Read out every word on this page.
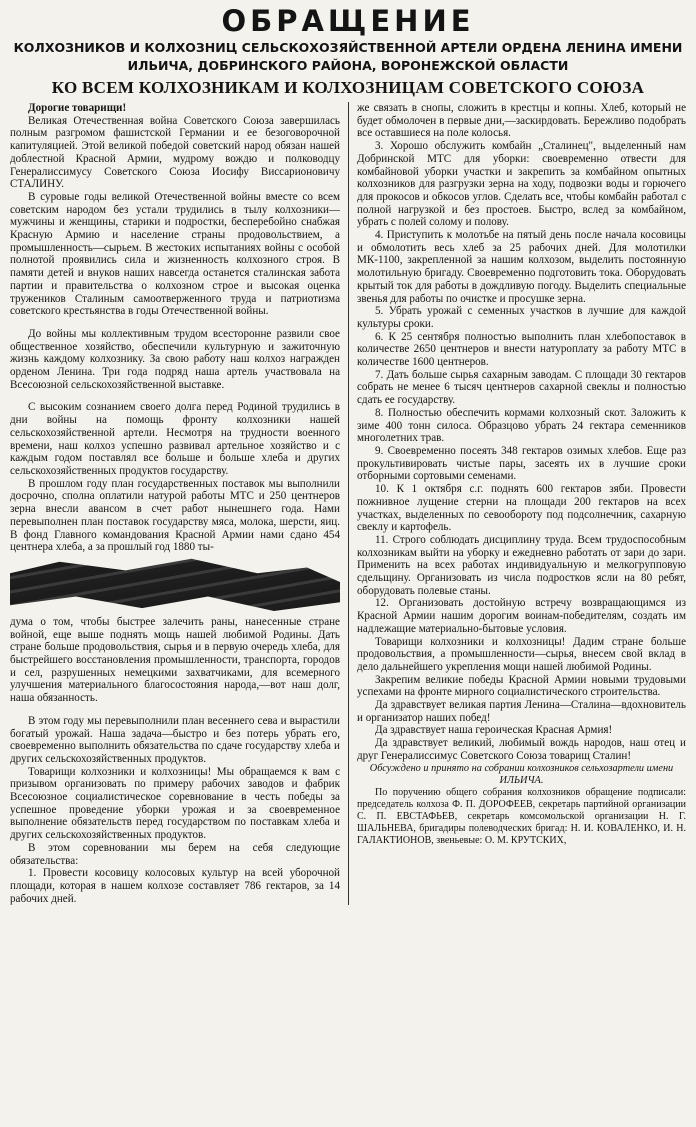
ОБРАЩЕНИЕ
КОЛХОЗНИКОВ И КОЛХОЗНИЦ СЕЛЬСКОХОЗЯЙСТВЕННОЙ АРТЕЛИ ОРДЕНА ЛЕНИНА ИМЕНИ
ИЛЬИЧА, ДОБРИНСКОГО РАЙОНА, ВОРОНЕЖСКОЙ ОБЛАСТИ
КО ВСЕМ КОЛХОЗНИКАМ И КОЛХОЗНИЦАМ СОВЕТСКОГО СОЮЗА

Дорогие товарищи!

Великая Отечественная война Советского Союза завершилась полным разгромом фашистской Германии и ее безоговорочной капитуляцией. Этой великой победой советский народ обязан нашей доблестной Красной Армии, мудрому вождю и полководцу Генералиссимусу Советского Союза Иосифу Виссарионовичу СТАЛИНУ.

В суровые годы великой Отечественной войны вместе со всем советским народом без устали трудились в тылу колхозники—мужчины и женщины, старики и подростки, бесперебойно снабжая Красную Армию и население страны продовольствием, а промышленность—сырьем. В жестоких испытаниях войны с особой полнотой проявились сила и жизненность колхозного строя. В памяти детей и внуков наших навсегда останется сталинская забота партии и правительства о колхозном строе и высокая оценка тружеников Сталиным самоотверженного труда и патриотизма советского крестьянства в годы Отечественной войны.

До войны мы коллективным трудом всесторонне развили свое общественное хозяйство, обеспечили культурную и зажиточную жизнь каждому колхознику. За свою работу наш колхоз награжден орденом Ленина. Три года подряд наша артель участвовала на Всесоюзной сельскохозяйственной выставке.

С высоким сознанием своего долга перед Родиной трудились в дни войны на помощь фронту колхозники нашей сельскохозяйственной артели. Несмотря на трудности военного времени, наш колхоз успешно развивал артельное хозяйство и с каждым годом поставлял все больше и больше хлеба и других сельскохозяйственных продуктов государству.

В прошлом году план государственных поставок мы выполнили досрочно, сполна оплатили натурой работы МТС и 250 центнеров зерна внесли авансом в счет работ нынешнего года. Нами перевыполнен план поставок государству мяса, молока, шерсти, яиц. В фонд Главного командования Красной Армии нами сдано 454 центнера хлеба, а за прошлый год 1880 ты-

дума о том, чтобы быстрее залечить раны, нанесенные стране войной, еще выше поднять мощь нашей любимой Родины. Дать стране больше продовольствия, сырья и в первую очередь хлеба, для быстрейшего восстановления промышленности, транспорта, городов и сел, разрушенных немецкими захватчиками, для всемерного улучшения материального благосостояния народа,—вот наш долг, наша обязанность.

В этом году мы перевыполнили план весеннего сева и вырастили богатый урожай. Наша задача—быстро и без потерь убрать его, своевременно выполнить обязательства по сдаче государству хлеба и других сельскохозяйственных продуктов.

Товарищи колхозники и колхозницы! Мы обращаемся к вам с призывом организовать по примеру рабочих заводов и фабрик Всесоюзное социалистическое соревнование в честь победы за успешное проведение уборки урожая и за своевременное выполнение обязательств перед государством по поставкам хлеба и других сельскохозяйственных продуктов.

В этом соревновании мы берем на себя следующие обязательства:

1. Провести косовицу колосовых культур на всей уборочной площади, которая в нашем колхозе составляет 786 гектаров, за 14 рабочих дней.

же связать в снопы, сложить в крестцы и копны. Хлеб, который не будет обмолочен в первые дни,—заскирдовать. Бережливо подобрать все оставшиеся на поле колосья.

3. Хорошо обслужить комбайн „Сталинец", выделенный нам Добринской МТС для уборки: своевременно отвести для комбайновой уборки участки и закрепить за комбайном опытных колхозников для разгрузки зерна на ходу, подвозки воды и горючего для прокосов и обкосов углов. Сделать все, чтобы комбайн работал с полной нагрузкой и без простоев. Быстро, вслед за комбайном, убрать с полей солому и полову.

4. Приступить к молотьбе на пятый день после начала косовицы и обмолотить весь хлеб за 25 рабочих дней. Для молотилки МК-1100, закрепленной за нашим колхозом, выделить постоянную молотильную бригаду. Своевременно подготовить тока. Оборудовать крытый ток для работы в дождливую погоду. Выделить специальные звенья для работы по очистке и просушке зерна.

5. Убрать урожай с семенных участков в лучшие для каждой культуры сроки.

6. К 25 сентября полностью выполнить план хлебопоставок в количестве 2650 центнеров и внести натуроплату за работу МТС в количестве 1600 центнеров.

7. Дать больше сырья сахарным заводам. С площади 30 гектаров собрать не менее 6 тысяч центнеров сахарной свеклы и полностью сдать ее государству.

8. Полностью обеспечить кормами колхозный скот. Заложить к зиме 400 тонн силоса. Образцово убрать 24 гектара семенников многолетних трав.

9. Своевременно посеять 348 гектаров озимых хлебов. Еще раз прокультивировать чистые пары, засеять их в лучшие сроки отборными сортовыми семенами.

10. К 1 октября с.г. поднять 600 гектаров зяби. Провести пожнивное лущение стерни на площади 200 гектаров на всех участках, выделенных по севообороту под подсолнечник, сахарную свеклу и картофель.

11. Строго соблюдать дисциплину труда. Всем трудоспособным колхозникам выйти на уборку и ежедневно работать от зари до зари. Применить на всех работах индивидуальную и мелкогрупповую сдельщину. Организовать из числа подростков ясли на 80 ребят, оборудовать полевые станы.

12. Организовать достойную встречу возвращающимся из Красной Армии нашим дорогим воинам-победителям, создать им надлежащие материально-бытовые условия.

Товарищи колхозники и колхозницы! Дадим стране больше продовольствия, а промышленности—сырья, внесем свой вклад в дело дальнейшего укрепления мощи нашей любимой Родины.

Закрепим великие победы Красной Армии новыми трудовыми успехами на фронте мирного социалистического строительства.

Да здравствует великая партия Ленина—Сталина—вдохновитель и организатор наших побед!

Да здравствует наша героическая Красная Армия!

Да здравствует великий, любимый вождь народов, наш отец и друг Генералиссимус Советского Союза товарищ Сталин!

Обсуждено и принято на собрании колхозников сельхозартели имени ИЛЬИЧА.

По поручению общего собрания колхозников обращение подписали: председатель колхоза Ф. П. ДОРОФЕЕВ, секретарь партийной организации С. П. ЕВСТАФЬЕВ, секретарь комсомольской организации Н. Г. ШАЛЬНЕВА, бригадиры полеводческих бригад: Н. И. КОВАЛЕНКО, И. Н. ГАЛАКТИОНОВ, звеньевые: О. М. КРУТСКИХ,
